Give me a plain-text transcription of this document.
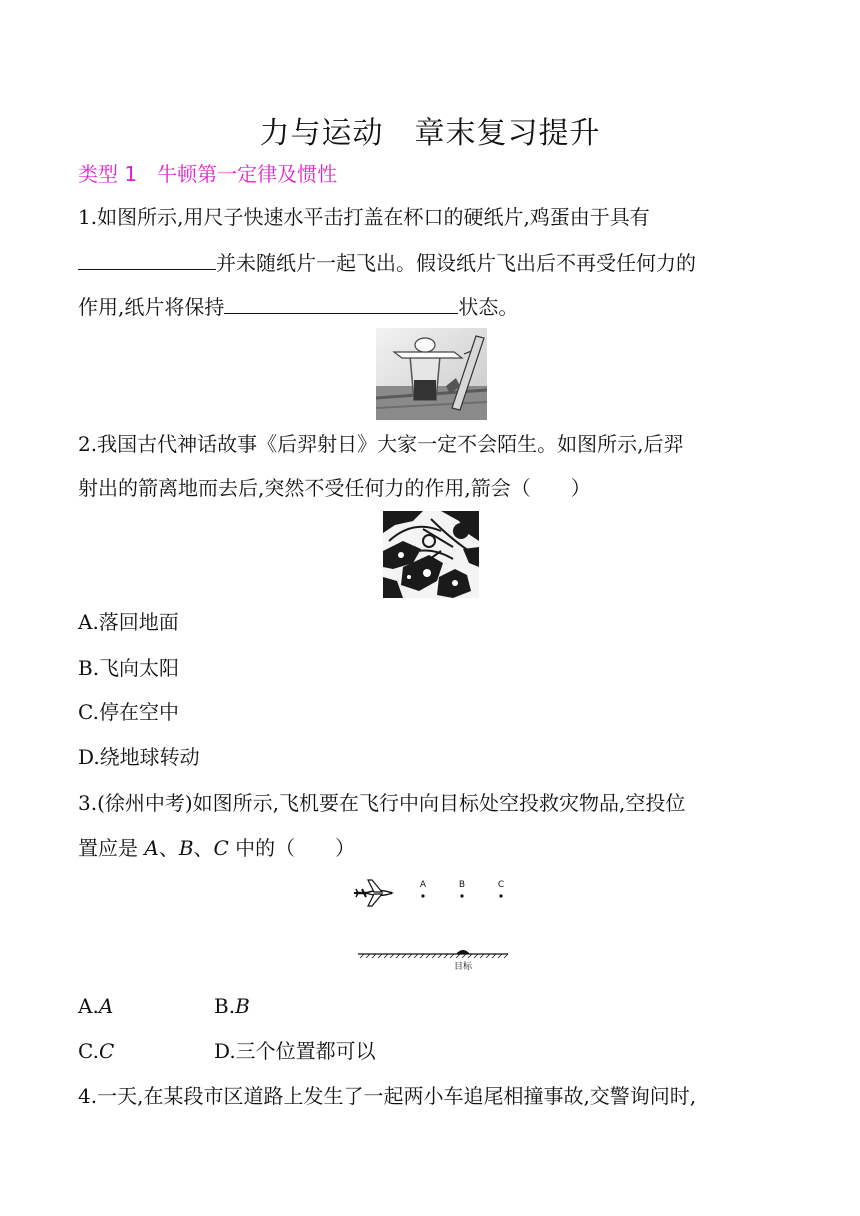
力与运动　章末复习提升
类型 1　牛顿第一定律及惯性
1.如图所示,用尺子快速水平击打盖在杯口的硬纸片,鸡蛋由于具有
并未随纸片一起飞出。假设纸片飞出后不再受任何力的
作用,纸片将保持	状态。
2.我国古代神话故事《后羿射日》大家一定不会陌生。如图所示,后羿
射出的箭离地而去后,突然不受任何力的作用,箭会（　　）
A.落回地面
B.飞向太阳
C.停在空中
D.绕地球转动
3.(徐州中考)如图所示,飞机要在飞行中向目标处空投救灾物品,空投位
置应是 A、B、C 中的（　　）
A	B	C
目标
A.A	B.B
C.C	D.三个位置都可以
4.一天,在某段市区道路上发生了一起两小车追尾相撞事故,交警询问时,
